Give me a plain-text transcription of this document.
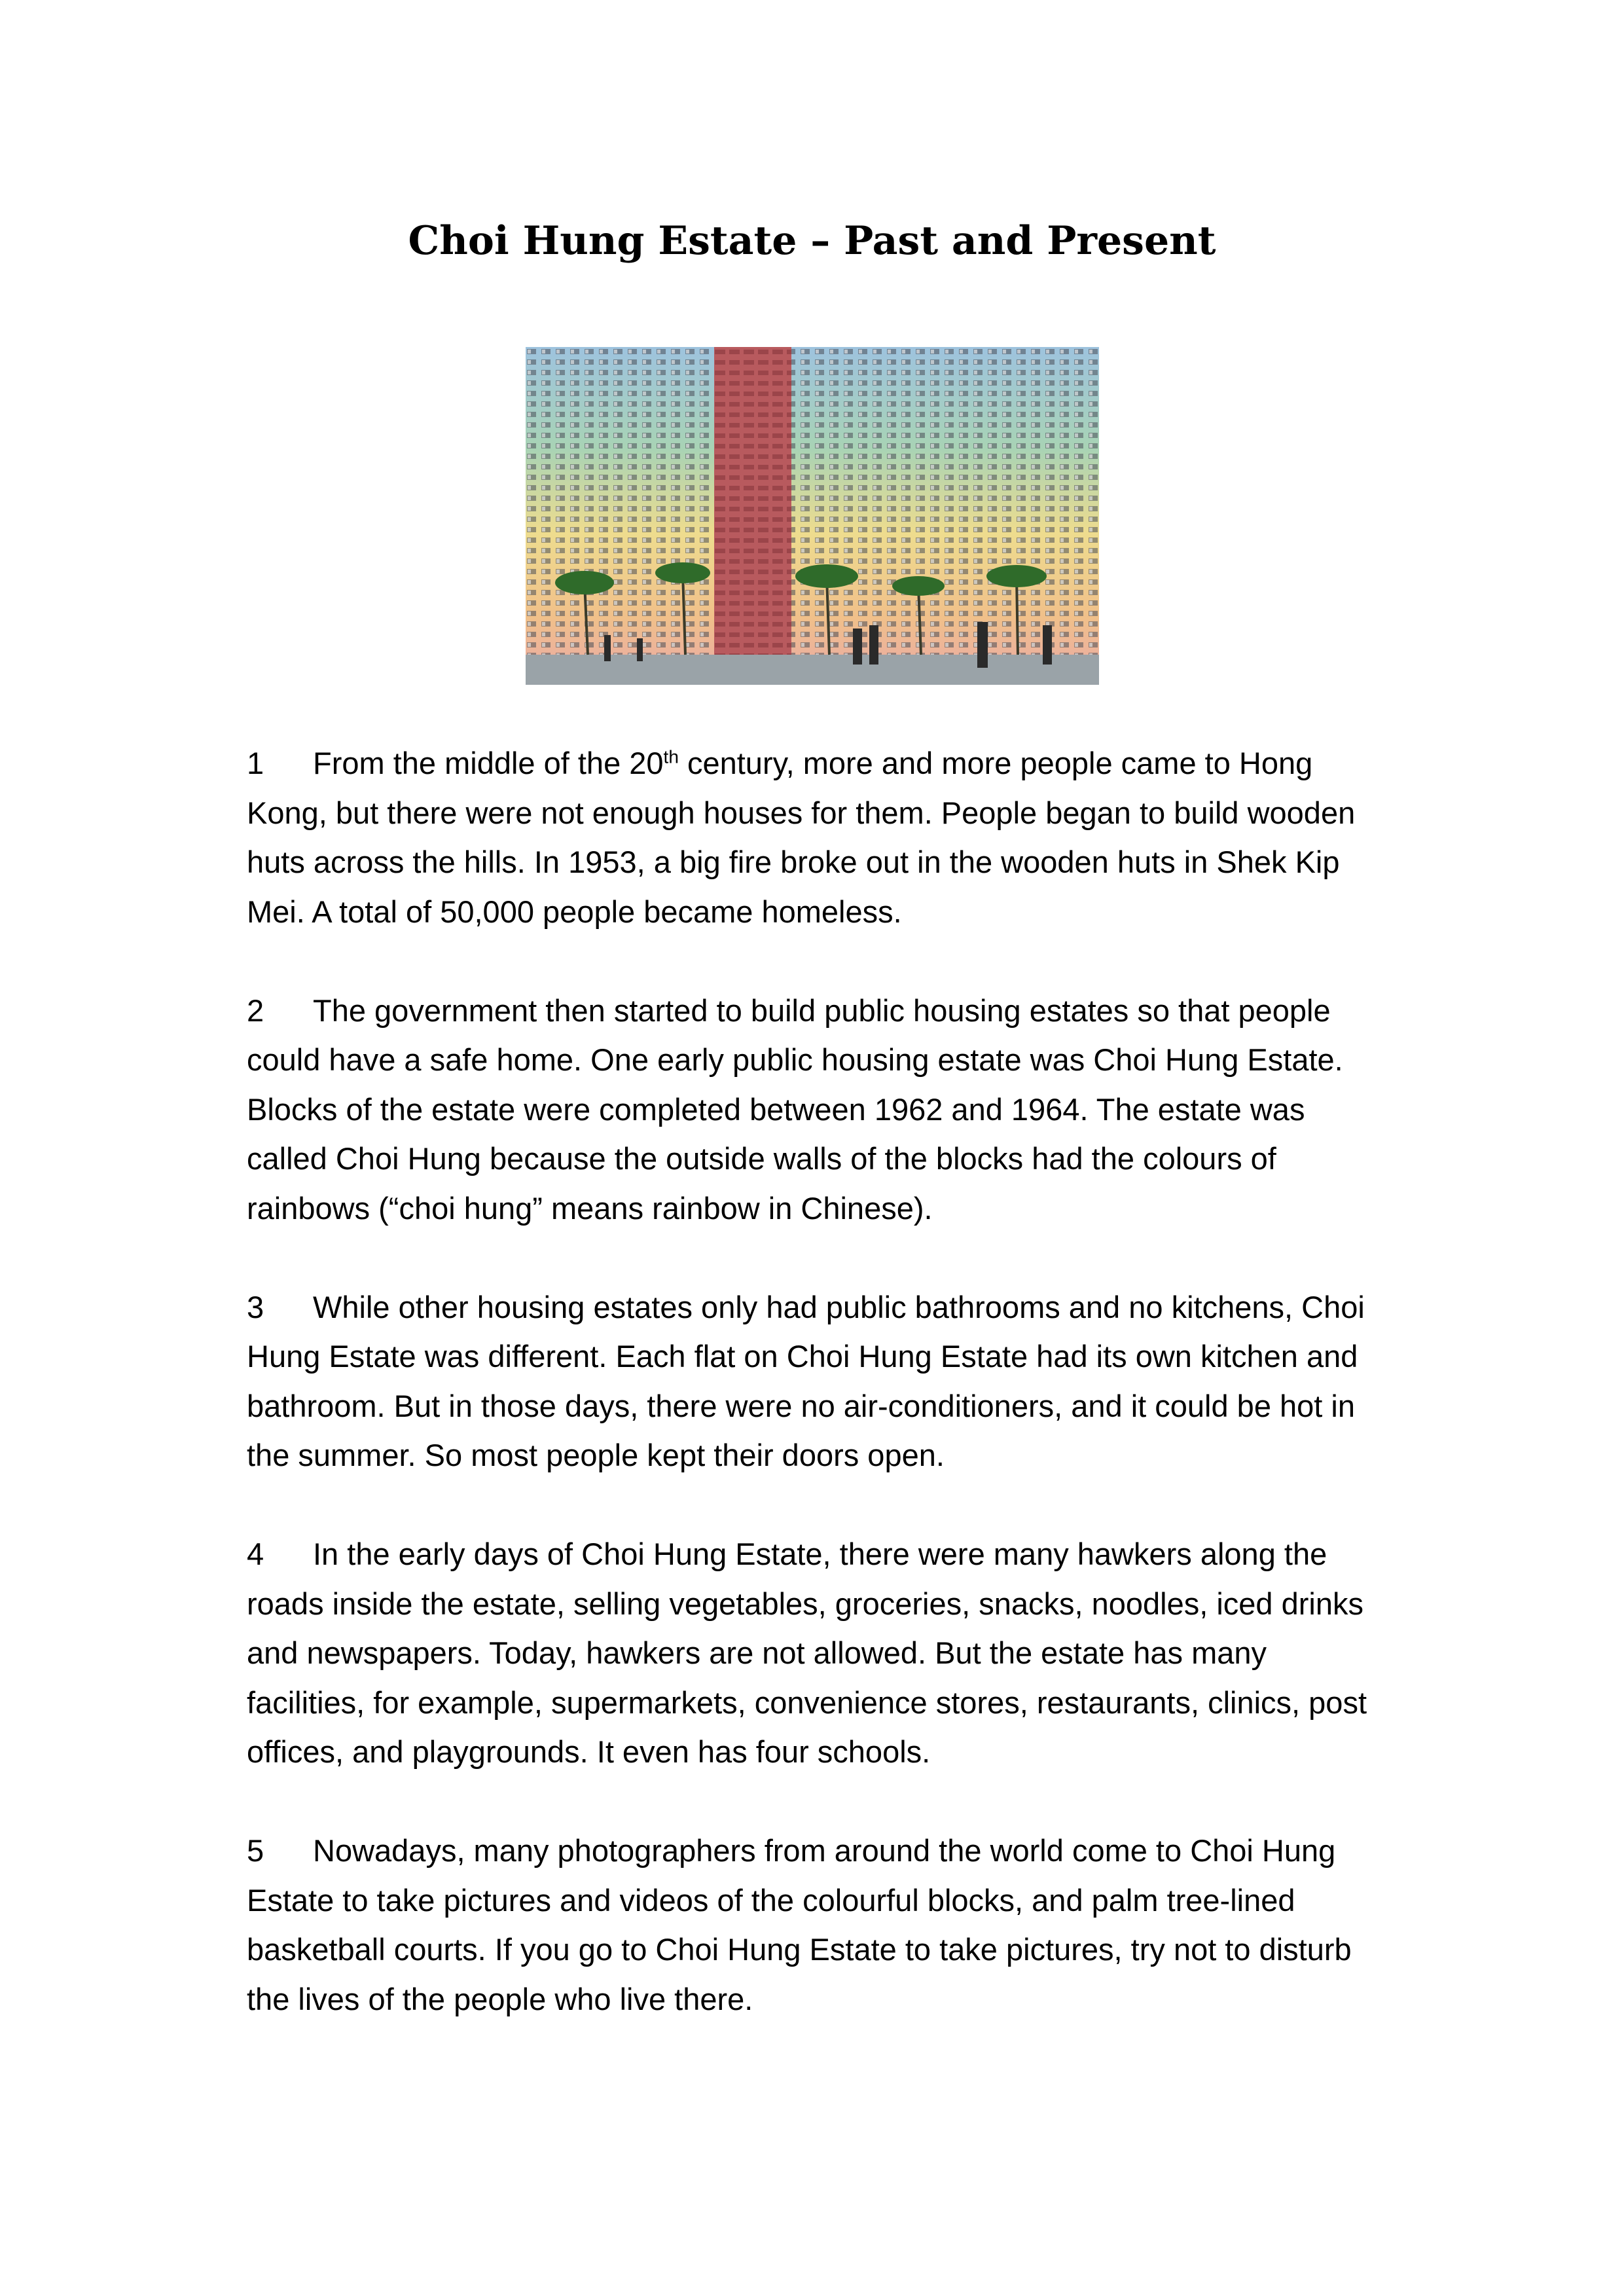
Choi Hung Estate – Past and Present

1 From the middle of the 20th century, more and more people came to Hong Kong, but there were not enough houses for them. People began to build wooden huts across the hills. In 1953, a big fire broke out in the wooden huts in Shek Kip Mei. A total of 50,000 people became homeless.

2 The government then started to build public housing estates so that people could have a safe home. One early public housing estate was Choi Hung Estate. Blocks of the estate were completed between 1962 and 1964. The estate was called Choi Hung because the outside walls of the blocks had the colours of rainbows (“choi hung” means rainbow in Chinese).

3 While other housing estates only had public bathrooms and no kitchens, Choi Hung Estate was different. Each flat on Choi Hung Estate had its own kitchen and bathroom. But in those days, there were no air-conditioners, and it could be hot in the summer. So most people kept their doors open.

4 In the early days of Choi Hung Estate, there were many hawkers along the roads inside the estate, selling vegetables, groceries, snacks, noodles, iced drinks and newspapers. Today, hawkers are not allowed. But the estate has many facilities, for example, supermarkets, convenience stores, restaurants, clinics, post offices, and playgrounds. It even has four schools.

5 Nowadays, many photographers from around the world come to Choi Hung Estate to take pictures and videos of the colourful blocks, and palm tree-lined basketball courts. If you go to Choi Hung Estate to take pictures, try not to disturb the lives of the people who live there.
